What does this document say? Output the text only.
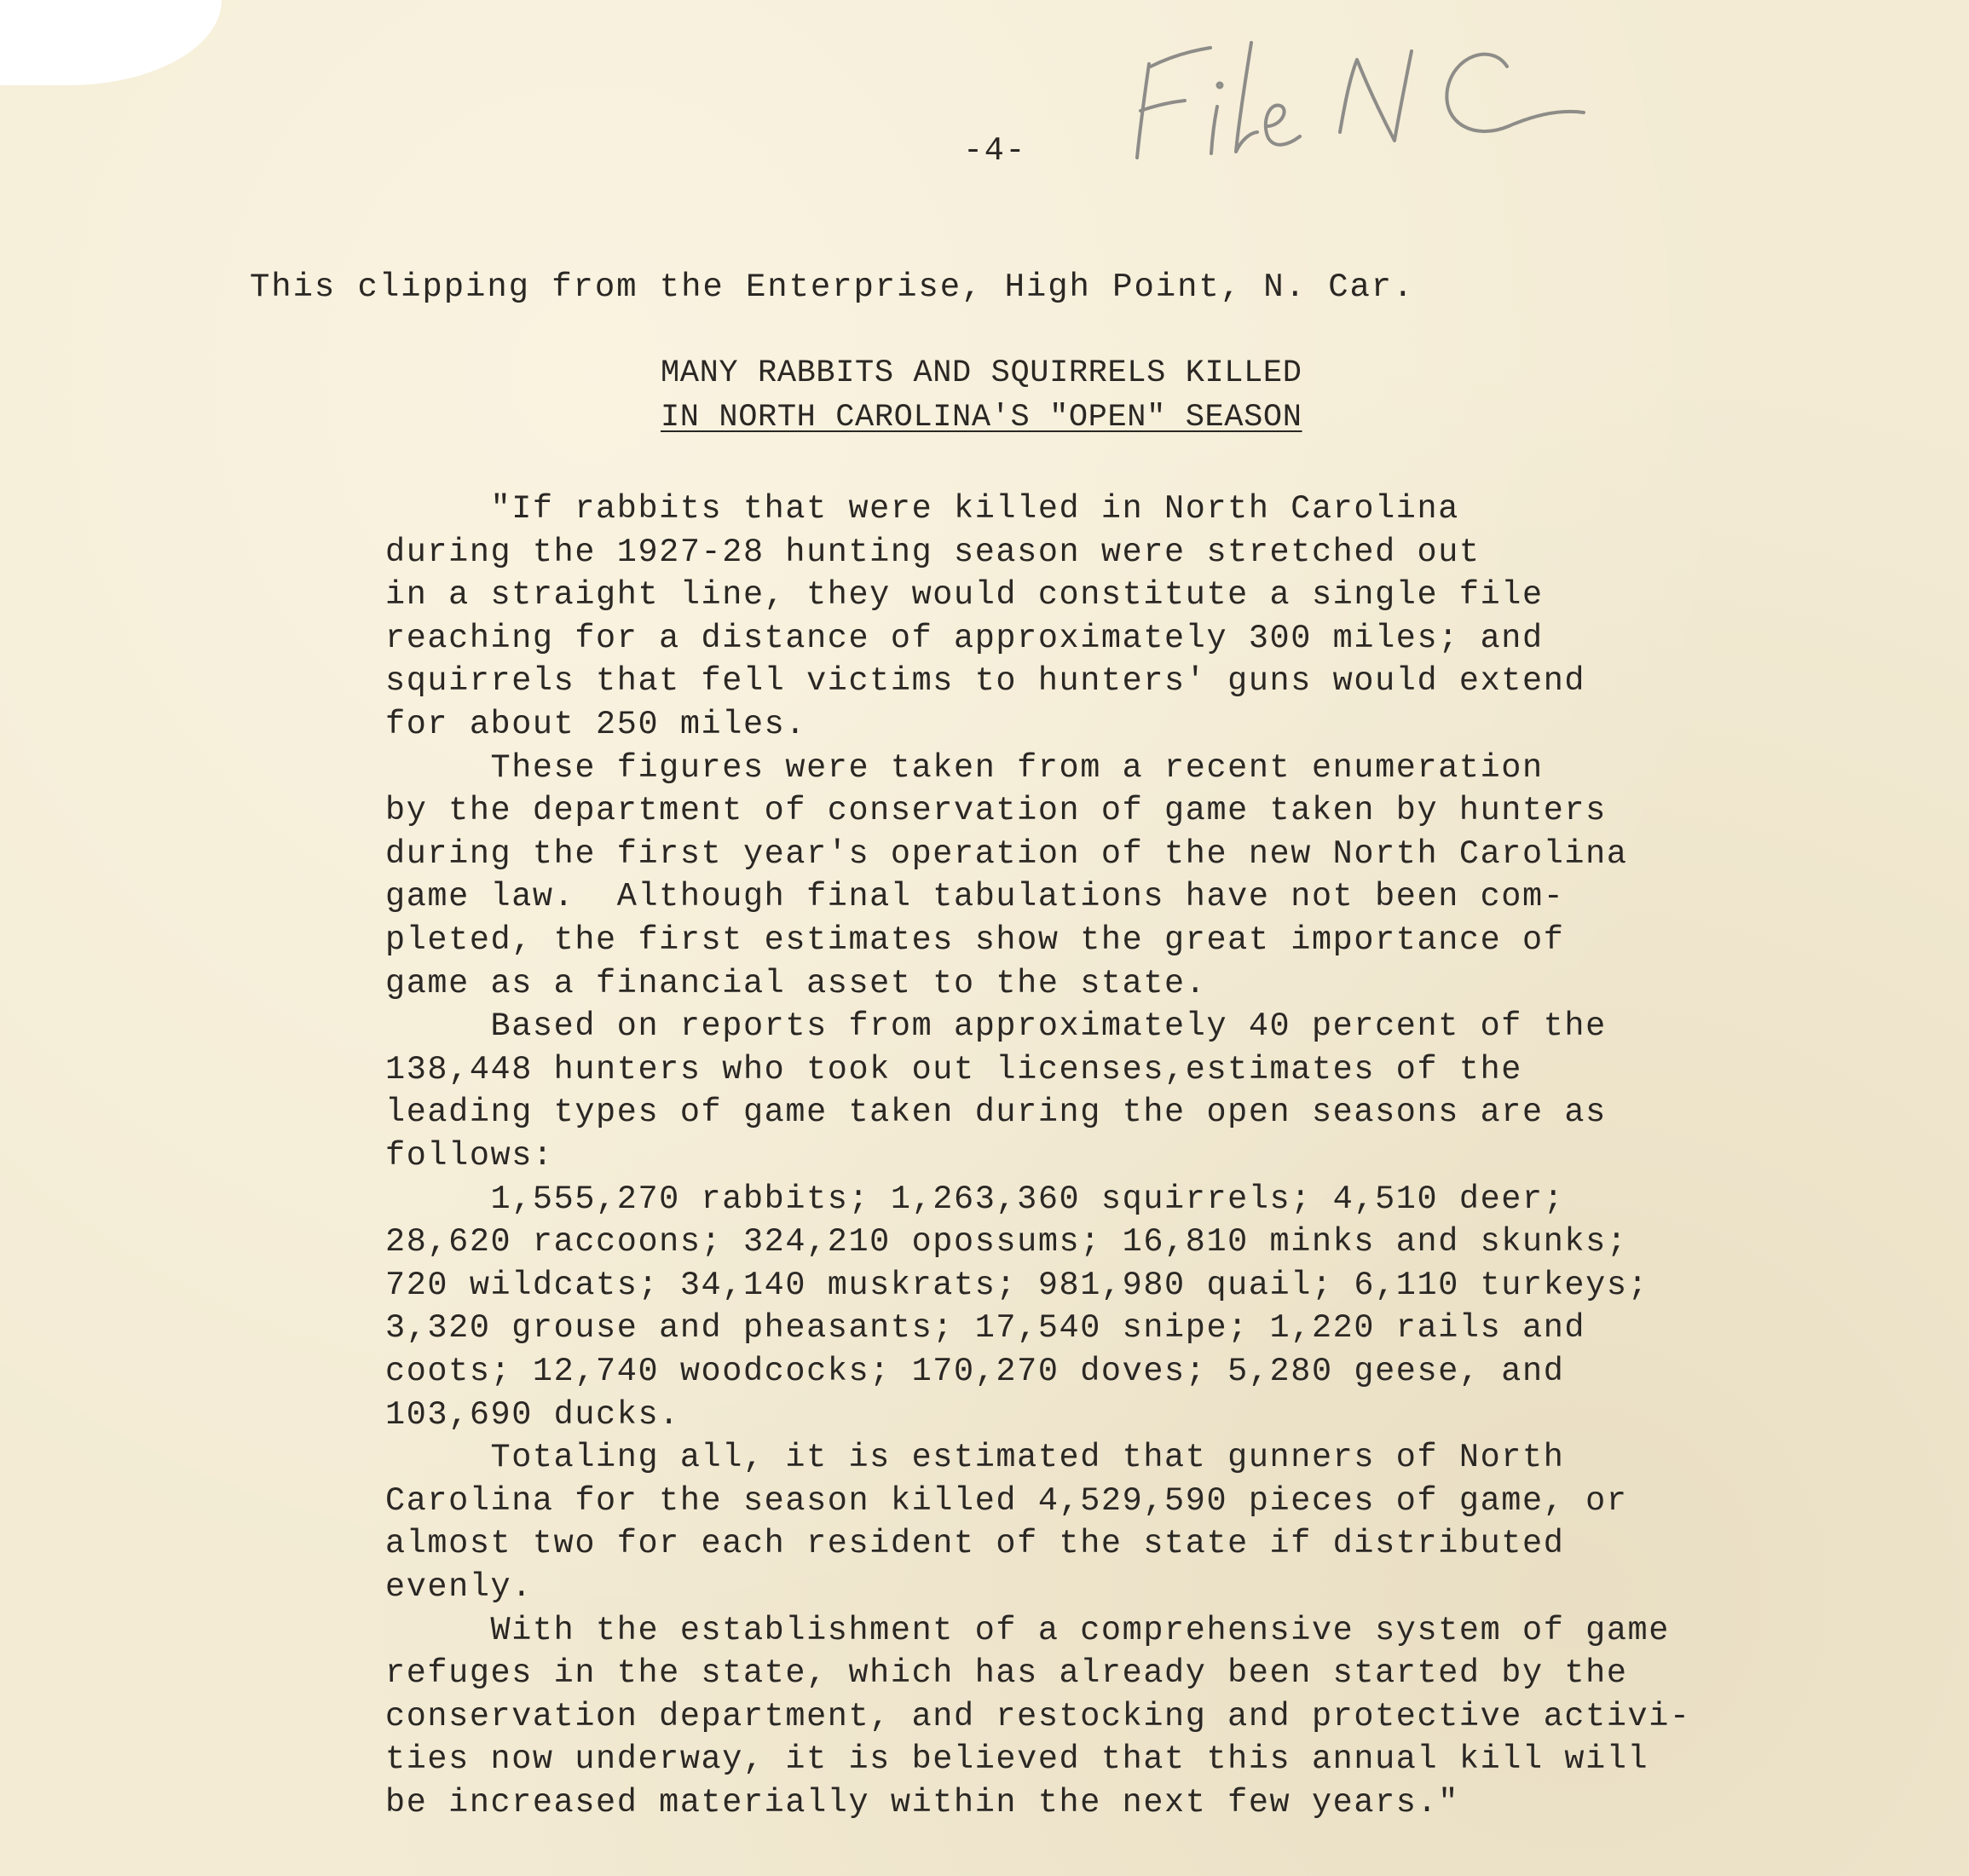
-4-
This clipping from the Enterprise, High Point, N. Car.
MANY RABBITS AND SQUIRRELS KILLED
IN NORTH CAROLINA'S "OPEN" SEASON
"If rabbits that were killed in North Carolina
during the 1927-28 hunting season were stretched out
in a straight line, they would constitute a single file
reaching for a distance of approximately 300 miles; and
squirrels that fell victims to hunters' guns would extend
for about 250 miles.
These figures were taken from a recent enumeration
by the department of conservation of game taken by hunters
during the first year's operation of the new North Carolina
game law.  Although final tabulations have not been com-
pleted, the first estimates show the great importance of
game as a financial asset to the state.
Based on reports from approximately 40 percent of the
138,448 hunters who took out licenses,estimates of the
leading types of game taken during the open seasons are as
follows:
1,555,270 rabbits; 1,263,360 squirrels; 4,510 deer;
28,620 raccoons; 324,210 opossums; 16,810 minks and skunks;
720 wildcats; 34,140 muskrats; 981,980 quail; 6,110 turkeys;
3,320 grouse and pheasants; 17,540 snipe; 1,220 rails and
coots; 12,740 woodcocks; 170,270 doves; 5,280 geese, and
103,690 ducks.
Totaling all, it is estimated that gunners of North
Carolina for the season killed 4,529,590 pieces of game, or
almost two for each resident of the state if distributed
evenly.
With the establishment of a comprehensive system of game
refuges in the state, which has already been started by the
conservation department, and restocking and protective activi-
ties now underway, it is believed that this annual kill will
be increased materially within the next few years."
